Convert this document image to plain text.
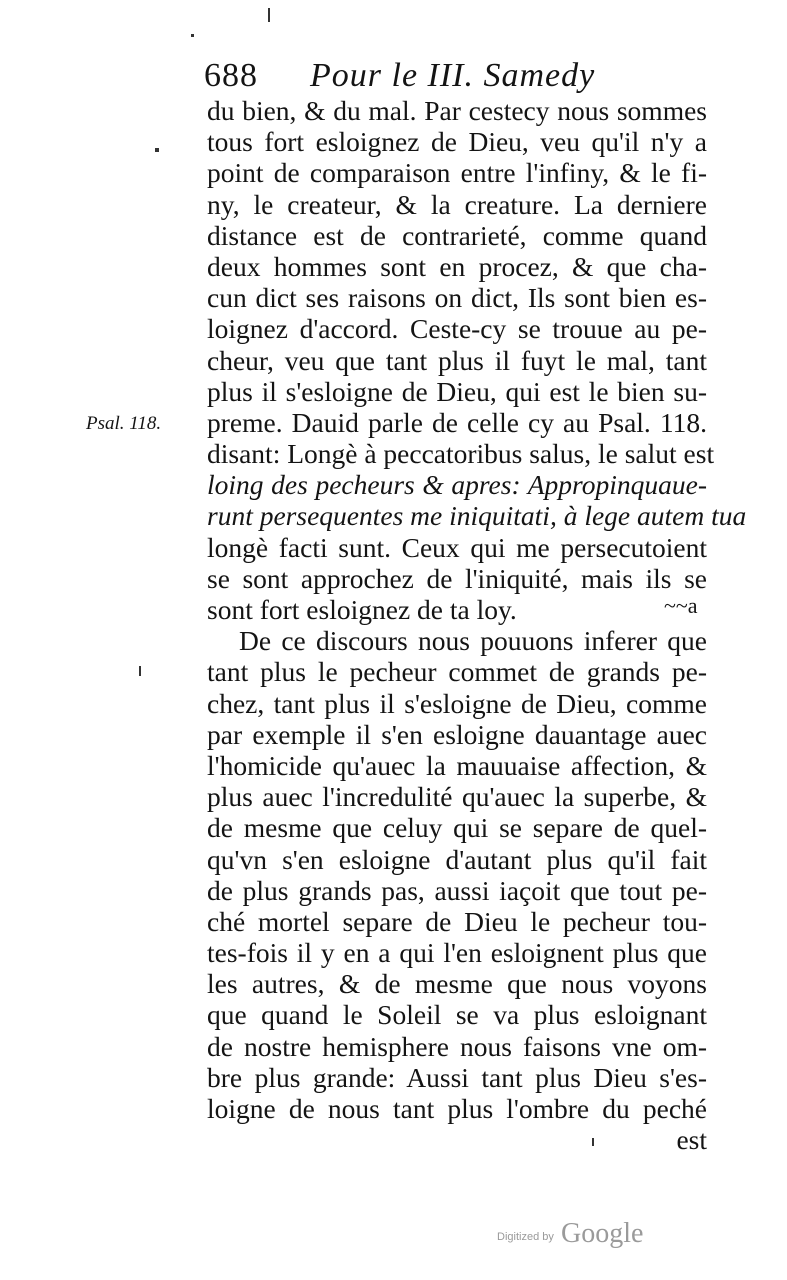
688 Pour le III. Samedy
Psal. 118.
du bien, & du mal. Par cestecy nous sommes
tous fort esloignez de Dieu, veu qu'il n'y a
point de comparaison entre l'infiny, & le fi-
ny, le createur, & la creature. La derniere
distance est de contrarieté, comme quand
deux hommes sont en procez, & que cha-
cun dict ses raisons on dict, Ils sont bien es-
loignez d'accord. Ceste-cy se trouue au pe-
cheur, veu que tant plus il fuyt le mal, tant
plus il s'esloigne de Dieu, qui est le bien su-
preme. Dauid parle de celle cy au Psal. 118.
disant: Longè à peccatoribus salus, le salut est
loing des pecheurs & apres: Appropinquaue-
runt persequentes me iniquitati, à lege autem tua
longè facti sunt. Ceux qui me persecutoient
se sont approchez de l'iniquité, mais ils se
sont fort esloignez de ta loy.
De ce discours nous pouuons inferer que
tant plus le pecheur commet de grands pe-
chez, tant plus il s'esloigne de Dieu, comme
par exemple il s'en esloigne dauantage auec
l'homicide qu'auec la mauuaise affection, &
plus auec l'incredulité qu'auec la superbe, &
de mesme que celuy qui se separe de quel-
qu'vn s'en esloigne d'autant plus qu'il fait
de plus grands pas, aussi iaçoit que tout pe-
ché mortel separe de Dieu le pecheur tou-
tes-fois il y en a qui l'en esloignent plus que
les autres, & de mesme que nous voyons
que quand le Soleil se va plus esloignant
de nostre hemisphere nous faisons vne om-
bre plus grande: Aussi tant plus Dieu s'es-
loigne de nous tant plus l'ombre du peché
est
~~a
Digitized by Google
